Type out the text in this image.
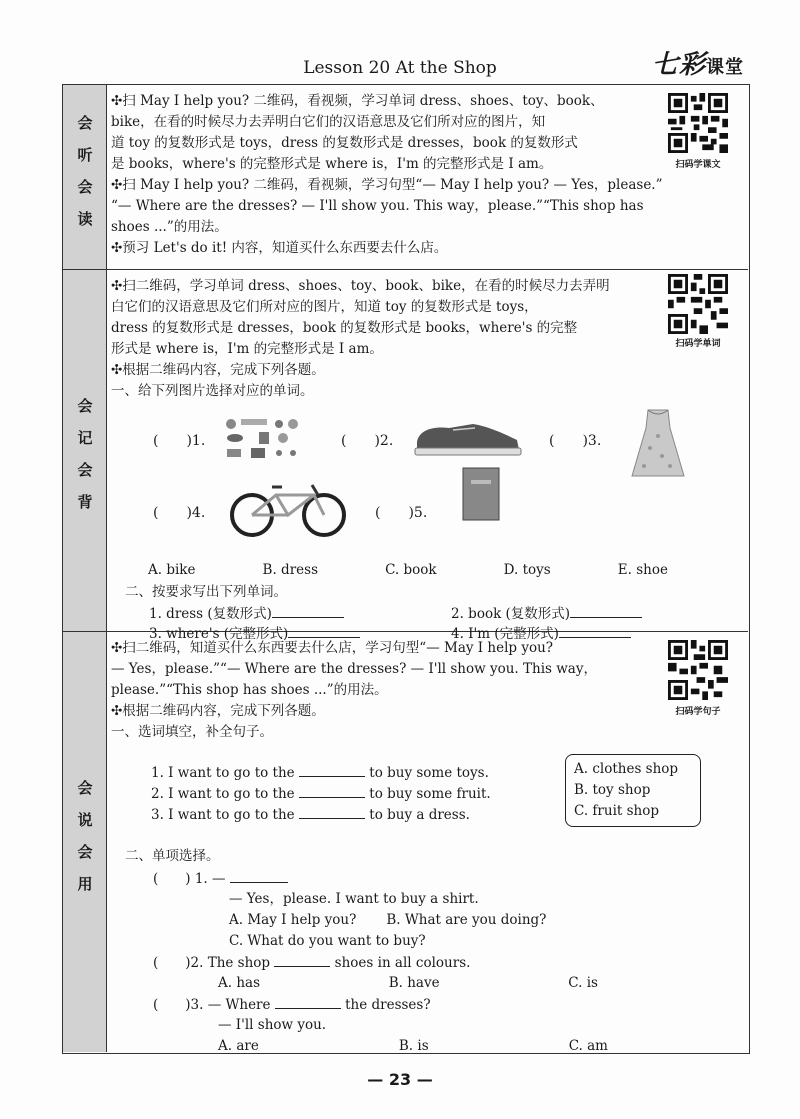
Lesson 20 At the Shop	七彩课堂
会
听
会
读
✣扫 May I help you? 二维码，看视频，学习单词 dress、shoes、toy、book、
bike，在看的时候尽力去弄明白它们的汉语意思及它们所对应的图片，知
道 toy 的复数形式是 toys，dress 的复数形式是 dresses，book 的复数形式
是 books，where's 的完整形式是 where is，I'm 的完整形式是 I am。
✣扫 May I help you? 二维码，看视频，学习句型“— May I help you? — Yes，please.”
“— Where are the dresses? — I'll show you. This way，please.”“This shop has
shoes ...”的用法。
✣预习 Let's do it! 内容，知道买什么东西要去什么店。
扫码学课文
会
记
会
背
✣扫二维码，学习单词 dress、shoes、toy、book、bike，在看的时候尽力去弄明
白它们的汉语意思及它们所对应的图片，知道 toy 的复数形式是 toys，
dress 的复数形式是 dresses，book 的复数形式是 books，where's 的完整
形式是 where is，I'm 的完整形式是 I am。
✣根据二维码内容，完成下列各题。
一、给下列图片选择对应的单词。
扫码学单词
(　　)1.	(　　)2.	(　　)3.
(　　)4.	(　　)5.
A. bike	B. dress	C. book	D. toys	E. shoe
二、按要求写出下列单词。
1. dress (复数形式)	2. book (复数形式)
3. where's (完整形式)	4. I'm (完整形式)
会
说
会
用
✣扫二维码，知道买什么东西要去什么店，学习句型“— May I help you?
— Yes，please.”“— Where are the dresses? — I'll show you. This way，
please.”“This shop has shoes ...”的用法。
✣根据二维码内容，完成下列各题。
一、选词填空，补全句子。
扫码学句子
1. I want to go to the	to buy some toys.
2. I want to go to the	to buy some fruit.
3. I want to go to the	to buy a dress.
A. clothes shop
B. toy shop
C. fruit shop
二、单项选择。
(　　) 1. —
— Yes，please. I want to buy a shirt.
A. May I help you? B. What are you doing?
C. What do you want to buy?
(　　)2. The shop	shoes in all colours.
A. has	B. have	C. is
(　　)3. — Where	the dresses?
— I'll show you.
A. are	B. is	C. am
— 23 —
